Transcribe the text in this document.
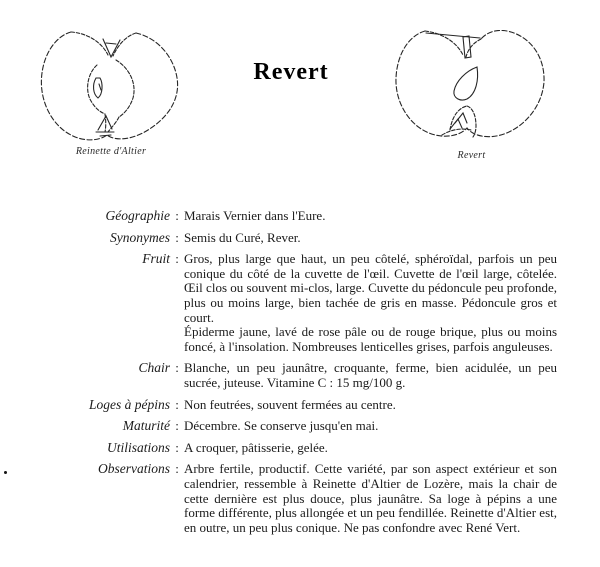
Reinette d'Altier
Revert
Revert
Géographie : Marais Vernier dans l'Eure.
Synonymes : Semis du Curé, Rever.
Fruit : Gros, plus large que haut, un peu côtelé, sphéroïdal, parfois un peu conique du côté de la cuvette de l'œil. Cuvette de l'œil large, côtelée. Œil clos ou souvent mi-clos, large. Cuvette du pédoncule peu profonde, plus ou moins large, bien tachée de gris en masse. Pédoncule gros et court.
Épiderme jaune, lavé de rose pâle ou de rouge brique, plus ou moins foncé, à l'insolation. Nombreuses lenticelles grises, parfois anguleuses.
Chair : Blanche, un peu jaunâtre, croquante, ferme, bien acidulée, un peu sucrée, juteuse. Vitamine C : 15 mg/100 g.
Loges à pépins : Non feutrées, souvent fermées au centre.
Maturité : Décembre. Se conserve jusqu'en mai.
Utilisations : A croquer, pâtisserie, gelée.
Observations : Arbre fertile, productif. Cette variété, par son aspect extérieur et son calendrier, ressemble à Reinette d'Altier de Lozère, mais la chair de cette dernière est plus douce, plus jaunâtre. Sa loge à pépins a une forme différente, plus allongée et un peu fendillée. Reinette d'Altier est, en outre, un peu plus conique. Ne pas confondre avec René Vert.
